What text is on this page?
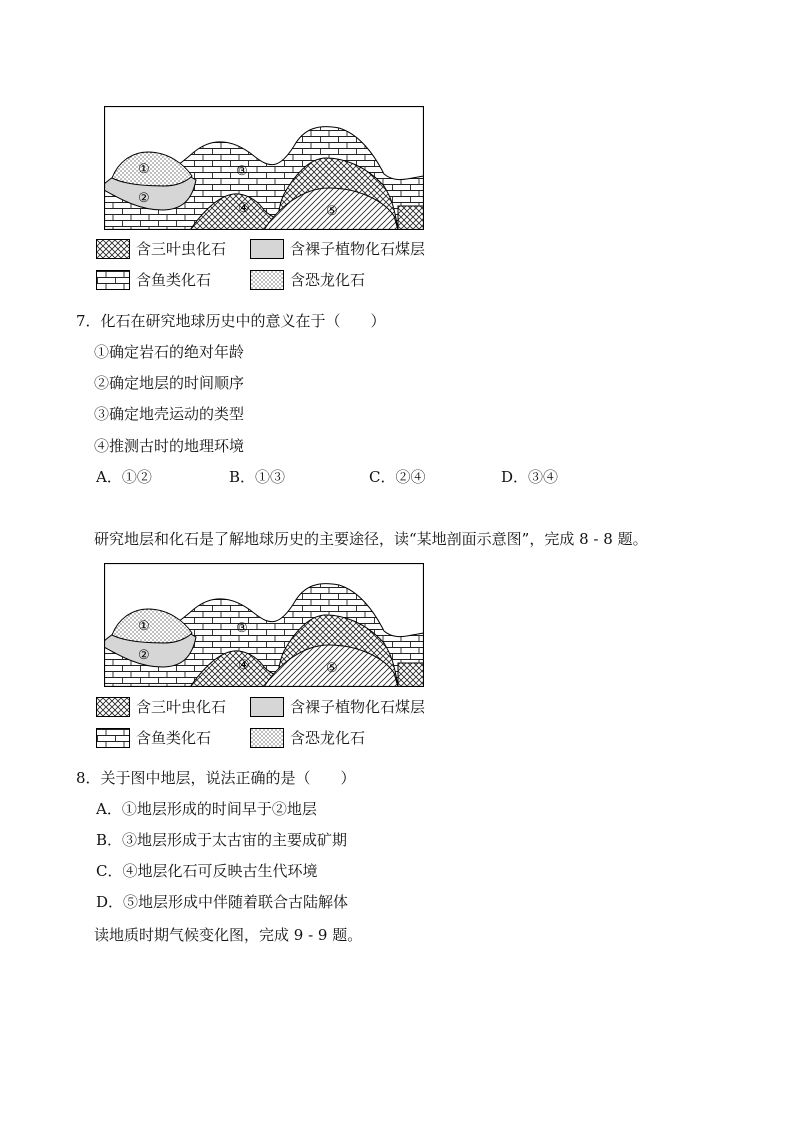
①
②
③
④	⑤
含三叶虫化石	含裸子植物化石煤层
含鱼类化石	含恐龙化石
7．化石在研究地球历史中的意义在于（　　）
①确定岩石的绝对年龄
②确定地层的时间顺序
③确定地壳运动的类型
④推测古时的地理环境
A．①②	B．①③	C．②④	D．③④
研究地层和化石是了解地球历史的主要途径，读“某地剖面示意图”，完成 8 - 8 题。
①
②
③
④	⑤
含三叶虫化石	含裸子植物化石煤层
含鱼类化石	含恐龙化石
8．关于图中地层，说法正确的是（　　）
A．①地层形成的时间早于②地层
B．③地层形成于太古宙的主要成矿期
C．④地层化石可反映古生代环境
D．⑤地层形成中伴随着联合古陆解体
读地质时期气候变化图，完成 9 - 9 题。
